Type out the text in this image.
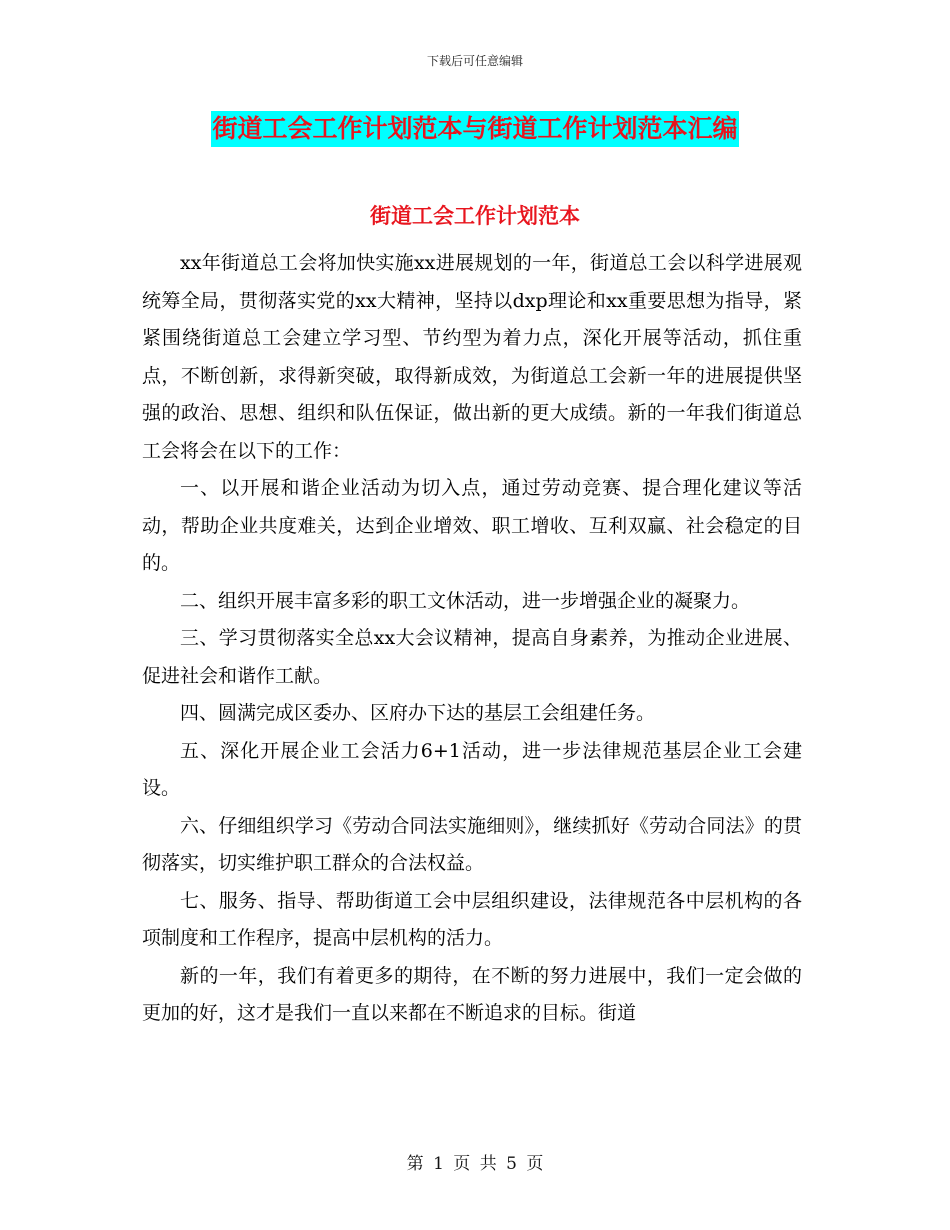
下载后可任意编辑
街道工会工作计划范本与街道工作计划范本汇编
街道工会工作计划范本

xx年街道总工会将加快实施xx进展规划的一年，街道总工会以科学进展观统筹全局，贯彻落实党的xx大精神，坚持以dxp理论和xx重要思想为指导，紧紧围绕街道总工会建立学习型、节约型为着力点，深化开展等活动，抓住重点，不断创新，求得新突破，取得新成效，为街道总工会新一年的进展提供坚强的政治、思想、组织和队伍保证，做出新的更大成绩。新的一年我们街道总工会将会在以下的工作：

一、以开展和谐企业活动为切入点，通过劳动竞赛、提合理化建议等活动，帮助企业共度难关，达到企业增效、职工增收、互利双赢、社会稳定的目的。

二、组织开展丰富多彩的职工文休活动，进一步增强企业的凝聚力。

三、学习贯彻落实全总xx大会议精神，提高自身素养，为推动企业进展、促进社会和谐作工献。

四、圆满完成区委办、区府办下达的基层工会组建任务。

五、深化开展企业工会活力6+1活动，进一步法律规范基层企业工会建设。

六、仔细组织学习《劳动合同法实施细则》，继续抓好《劳动合同法》的贯彻落实，切实维护职工群众的合法权益。

七、服务、指导、帮助街道工会中层组织建设，法律规范各中层机构的各项制度和工作程序，提高中层机构的活力。

新的一年，我们有着更多的期待，在不断的努力进展中，我们一定会做的更加的好，这才是我们一直以来都在不断追求的目标。街道

第 1 页 共 5 页
